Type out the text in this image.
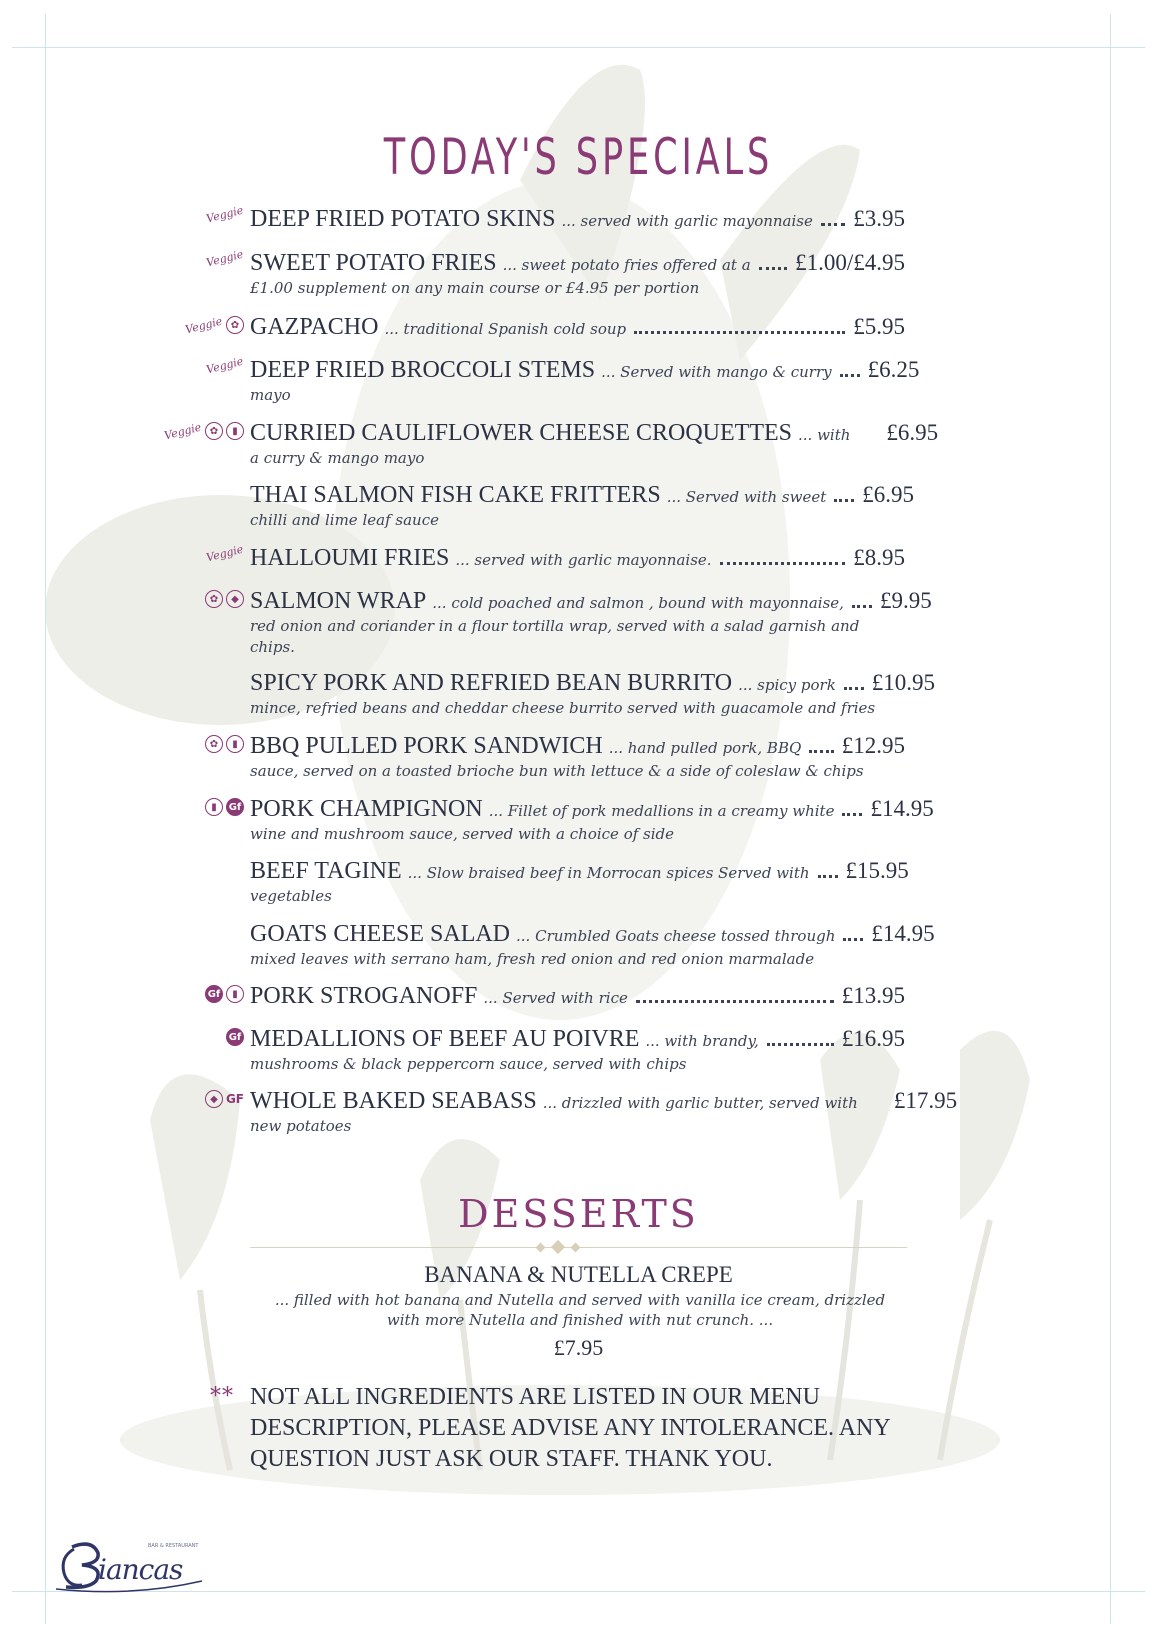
TODAY'S SPECIALS
Veggie DEEP FRIED POTATO SKINS ... served with garlic mayonnaise £3.95
Veggie SWEET POTATO FRIES ... sweet potato fries offered at a £1.00/£4.95
£1.00 supplement on any main course or £4.95 per portion
Veggie ✿ GAZPACHO ... traditional Spanish cold soup	£5.95
Veggie DEEP FRIED BROCCOLI STEMS ... Served with mango & curry £6.25
mayo
Veggie ✿	▮ CURRIED CAULIFLOWER CHEESE CROQUETTES ... with £6.95
a curry & mango mayo
THAI SALMON FISH CAKE FRITTERS ... Served with sweet £6.95
chilli and lime leaf sauce
Veggie HALLOUMI FRIES ... served with garlic mayonnaise.	£8.95
✿	◆ SALMON WRAP ... cold poached and salmon , bound with mayonnaise, £9.95
red onion and coriander in a flour tortilla wrap, served with a salad garnish and
chips.
SPICY PORK AND REFRIED BEAN BURRITO ... spicy pork £10.95
mince, refried beans and cheddar cheese burrito served with guacamole and fries
✿	▮ BBQ PULLED PORK SANDWICH ... hand pulled pork, BBQ £12.95
sauce, served on a toasted brioche bun with lettuce & a side of coleslaw & chips
▮	Gf PORK CHAMPIGNON ... Fillet of pork medallions in a creamy white £14.95
wine and mushroom sauce, served with a choice of side
BEEF TAGINE ... Slow braised beef in Morrocan spices Served with £15.95
vegetables
GOATS CHEESE SALAD ... Crumbled Goats cheese tossed through £14.95
mixed leaves with serrano ham, fresh red onion and red onion marmalade
Gf	▮ PORK STROGANOFF ... Served with rice	£13.95
Gf MEDALLIONS OF BEEF AU POIVRE ... with brandy,	£16.95
mushrooms & black peppercorn sauce, served with chips
◆ GF WHOLE BAKED SEABASS ... drizzled with garlic butter, served with £17.95
new potatoes
DESSERTS
BANANA & NUTELLA CREPE
... filled with hot banana and Nutella and served with vanilla ice cream, drizzled with more Nutella and finished with nut crunch. ...
£7.95
** NOT ALL INGREDIENTS ARE LISTED IN OUR MENU DESCRIPTION, PLEASE ADVISE ANY INTOLERANCE. ANY QUESTION JUST ASK OUR STAFF. THANK YOU.
iancas
BAR & RESTAURANT
